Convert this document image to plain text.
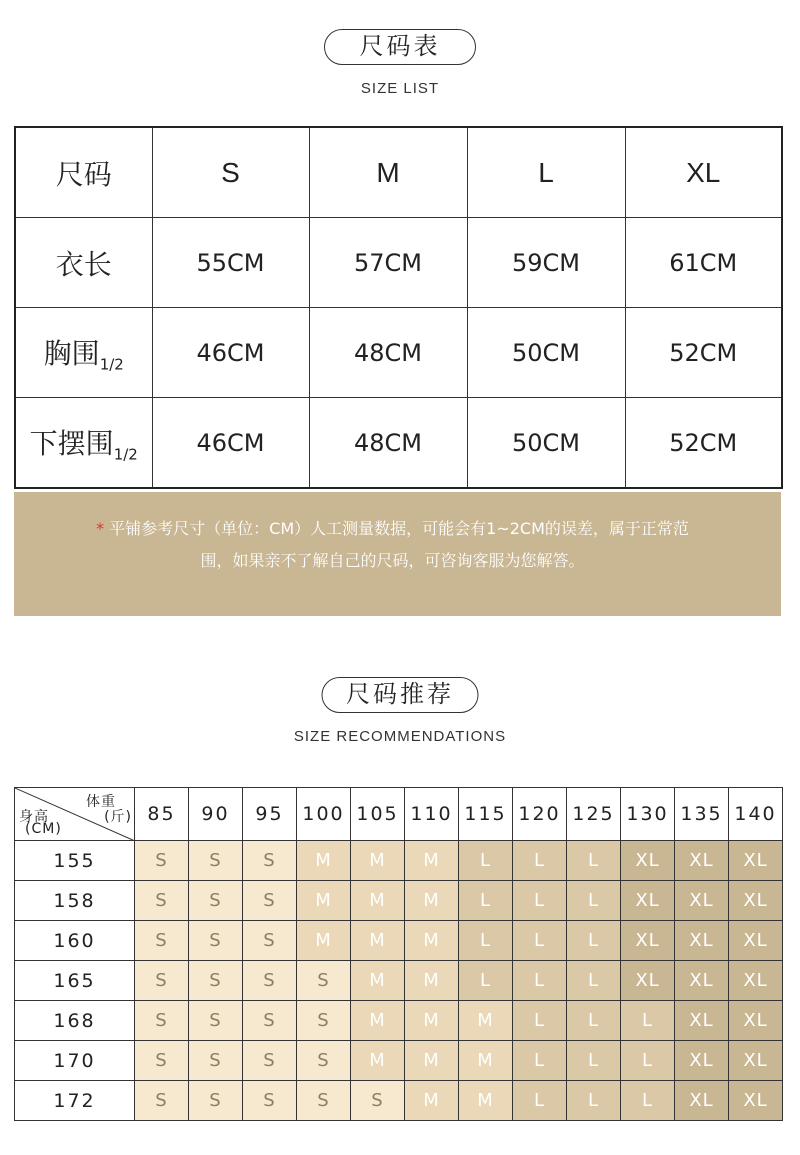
尺码表
SIZE LIST
尺码	S	M	L	XL
衣长	55CM	57CM	59CM	61CM
胸围$_{1/2}$	46CM	48CM	50CM	52CM
下摆围$_{1/2}$	46CM	48CM	50CM	52CM
* 平铺参考尺寸（单位：CM）人工测量数据，可能会有1~2CM的误差，属于正常范
围，如果亲不了解自己的尺码，可咨询客服为您解答。
尺码推荐
SIZE RECOMMENDATIONS
体重
(斤)
身高
(CM)	85	90	95	100	105	110	115	120	125	130	135	140
155	S	S	S	M	M	M	L	L	L	XL	XL	XL
158	S	S	S	M	M	M	L	L	L	XL	XL	XL
160	S	S	S	M	M	M	L	L	L	XL	XL	XL
165	S	S	S	S	M	M	L	L	L	XL	XL	XL
168	S	S	S	S	M	M	M	L	L	L	XL	XL
170	S	S	S	S	M	M	M	L	L	L	XL	XL
172	S	S	S	S	S	M	M	L	L	L	XL	XL
